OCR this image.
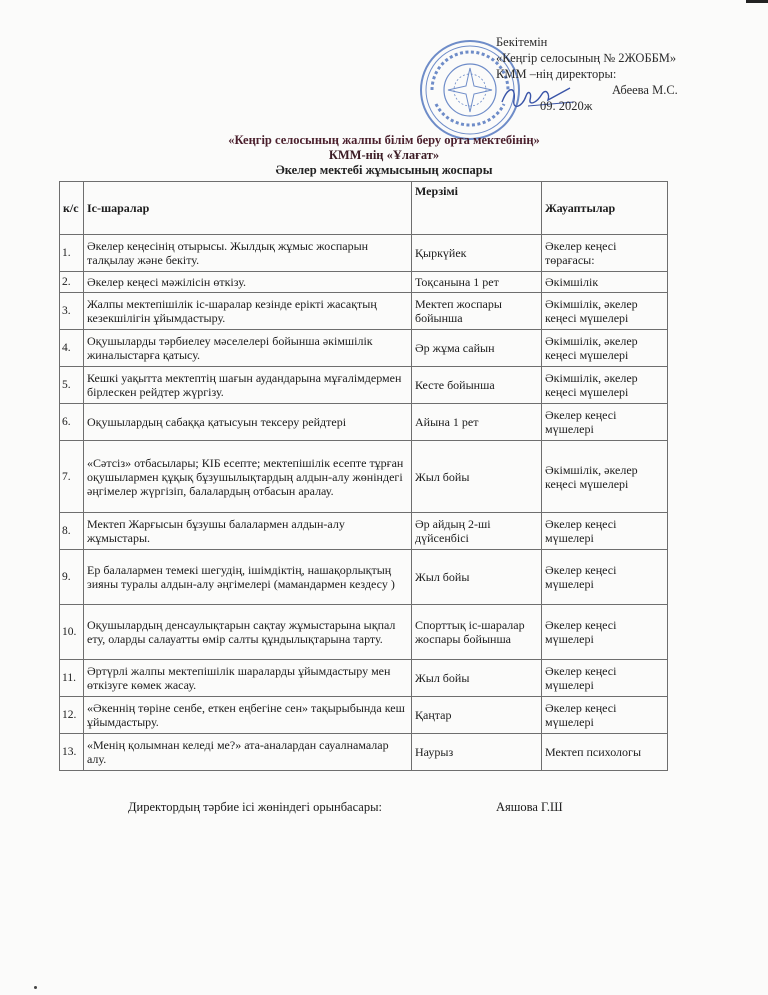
Бекітемін
«Кеңгір селосының № 2ЖОББМ»
КММ –нің директоры:

Абеева М.С.
09. 2020ж
«Кеңгір селосының жалпы білім беру орта мектебінің»
КММ-нің «Ұлағат»
Әкелер мектебі жұмысының жоспары
к/с	Іс-шаралар	Мерзімі	Жауаптылар
1.	Әкелер кеңесінің отырысы. Жылдық жұмыс жоспарын талқылау және бекіту.	Қыркүйек	Әкелер кеңесі төрағасы:
2.	Әкелер кеңесі мәжілісін өткізу.	Тоқсанына 1 рет	Әкімшілік
3.	Жалпы мектепішілік іс-шаралар кезінде ерікті жасақтың кезекшілігін ұйымдастыру.	Мектеп жоспары бойынша	Әкімшілік, әкелер кеңесі мүшелері
4.	Оқушыларды тәрбиелеу мәселелері бойынша әкімшілік жиналыстарға қатысу.	Әр жұма сайын	Әкімшілік, әкелер кеңесі мүшелері
5.	Кешкі уақытта мектептің шағын аудандарына мұғалімдермен бірлескен рейдтер жүргізу.	Кесте бойынша	Әкімшілік, әкелер кеңесі мүшелері
6.	Оқушылардың сабаққа қатысуын тексеру рейдтері	Айына 1 рет	Әкелер кеңесі мүшелері
7.	«Сәтсіз» отбасылары; КІБ есепте; мектепішілік есепте тұрған оқушылармен құқық бұзушылықтардың алдын-алу жөніндегі әңгімелер жүргізіп, балалардың отбасын аралау.	Жыл бойы	Әкімшілік, әкелер кеңесі мүшелері
8.	Мектеп Жарғысын бұзушы балалармен алдын-алу жұмыстары.	Әр айдың 2-ші дүйсенбісі	Әкелер кеңесі мүшелері
9.	Ер балалармен темекі шегудің, ішімдіктің, нашақорлықтың зияны туралы алдын-алу әңгімелері (мамандармен кездесу )	Жыл бойы	Әкелер кеңесі мүшелері
10.	Оқушылардың денсаулықтарын сақтау жұмыстарына ықпал ету, оларды салауатты өмір салты құндылықтарына тарту.	Спорттық іс-шаралар жоспары бойынша	Әкелер кеңесі мүшелері
11.	Әртүрлі жалпы мектепішілік шараларды ұйымдастыру мен өткізуге көмек жасау.	Жыл бойы	Әкелер кеңесі мүшелері
12.	«Әкеннің төріне сенбе, еткен еңбегіне сен» тақырыбында кеш ұйымдастыру.	Қаңтар	Әкелер кеңесі мүшелері
13.	«Менің қолымнан келеді ме?» ата-аналардан сауалнамалар алу.	Наурыз	Мектеп психологы
Директордың тәрбие ісі жөніндегі орынбасары:	Аяшова Г.Ш
